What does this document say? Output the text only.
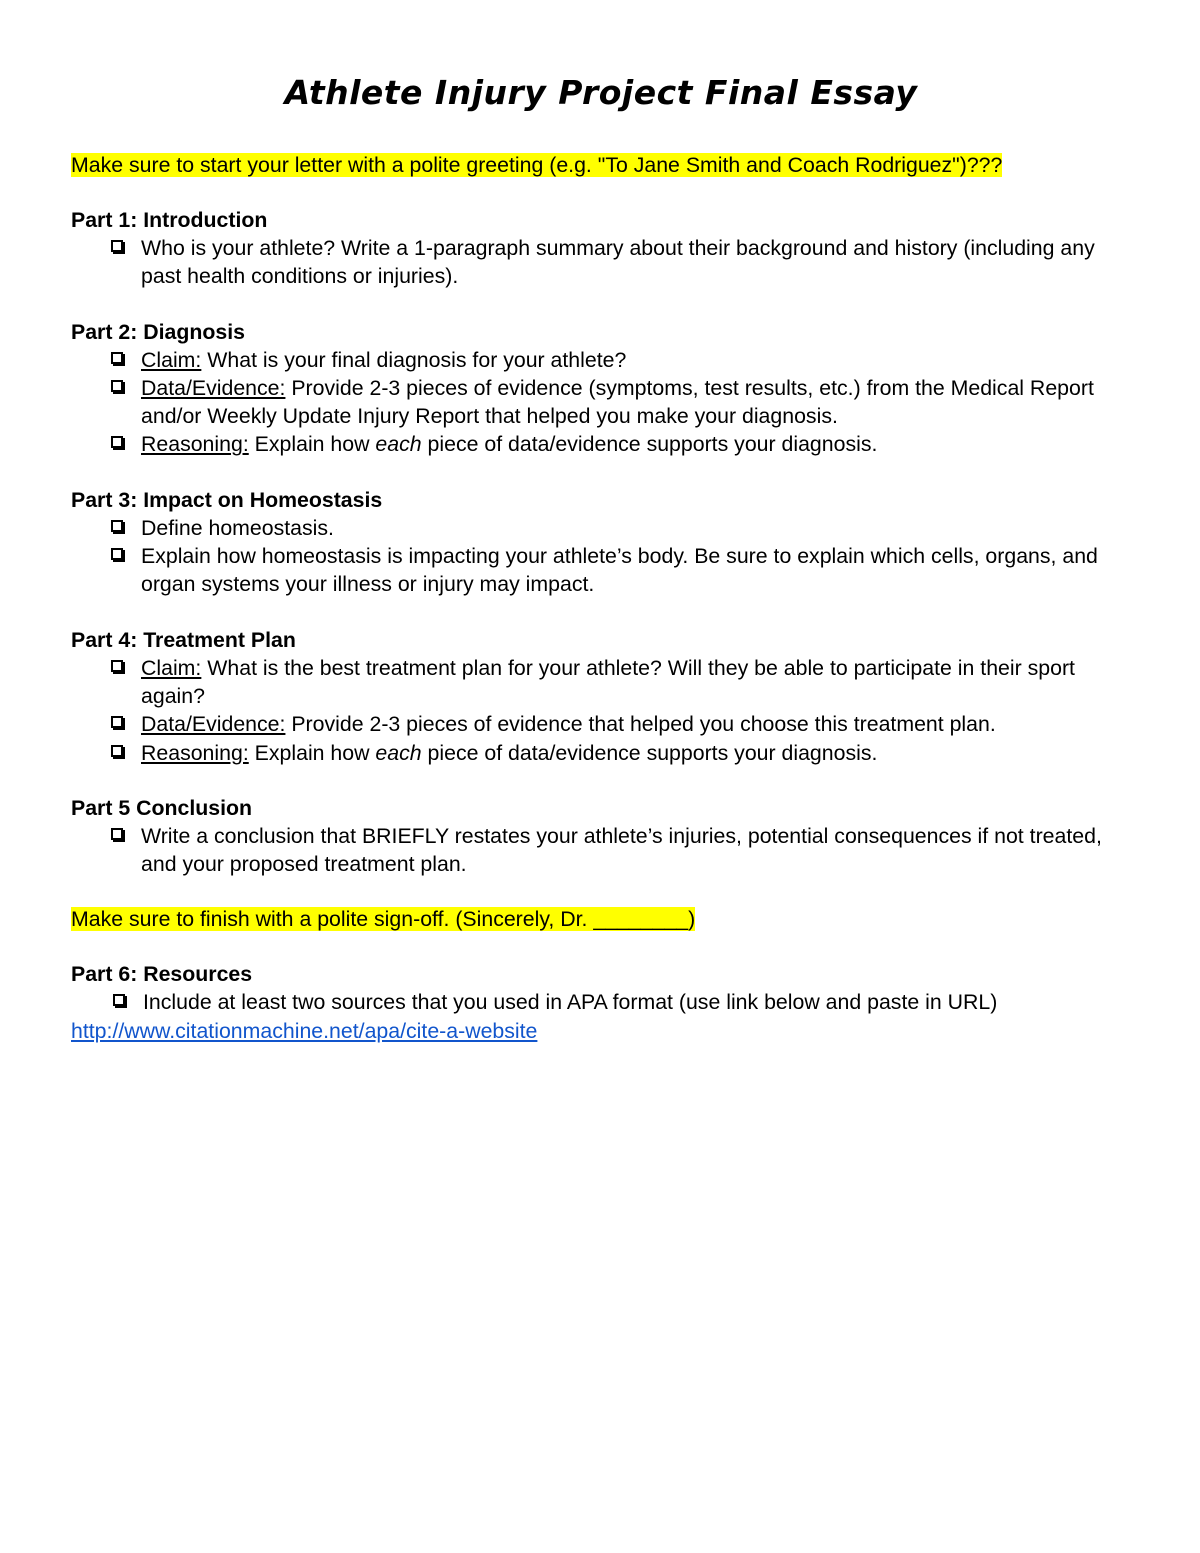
Athlete Injury Project Final Essay

Make sure to start your letter with a polite greeting (e.g. "To Jane Smith and Coach Rodriguez")???

Part 1: Introduction

Who is your athlete? Write a 1-paragraph summary about their background and history (including any past health conditions or injuries).

Part 2: Diagnosis

Claim: What is your final diagnosis for your athlete?
Data/Evidence: Provide 2-3 pieces of evidence (symptoms, test results, etc.) from the Medical Report and/or Weekly Update Injury Report that helped you make your diagnosis.
Reasoning: Explain how each piece of data/evidence supports your diagnosis.

Part 3: Impact on Homeostasis

Define homeostasis.
Explain how homeostasis is impacting your athlete’s body. Be sure to explain which cells, organs, and organ systems your illness or injury may impact.

Part 4: Treatment Plan

Claim: What is the best treatment plan for your athlete? Will they be able to participate in their sport again?
Data/Evidence: Provide 2-3 pieces of evidence that helped you choose this treatment plan.
Reasoning: Explain how each piece of data/evidence supports your diagnosis.

Part 5 Conclusion

Write a conclusion that BRIEFLY restates your athlete’s injuries, potential consequences if not treated, and your proposed treatment plan.

Make sure to finish with a polite sign-off. (Sincerely, Dr. ________)

Part 6: Resources

Include at least two sources that you used in APA format (use link below and paste in URL)
http://www.citationmachine.net/apa/cite-a-website
